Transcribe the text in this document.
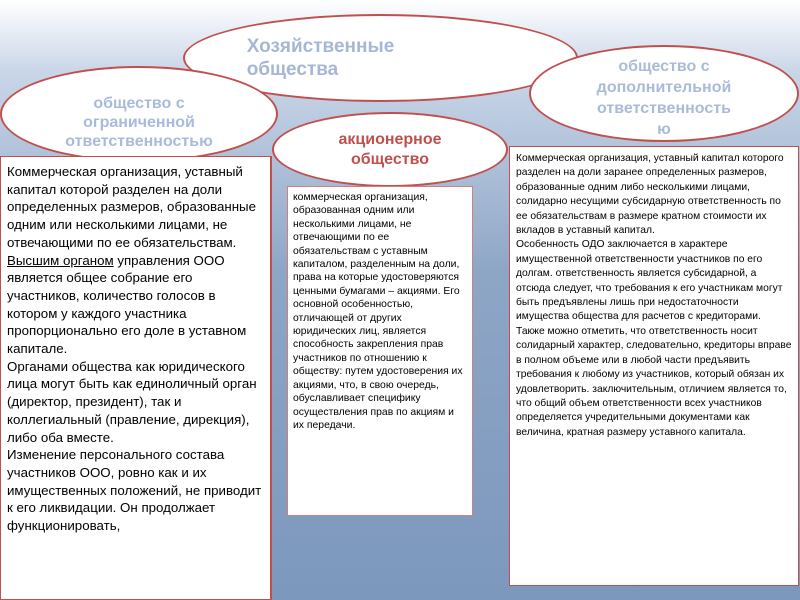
Хозяйственные
общества
общество с
ограниченной
ответственностью
общество с
дополнительной
ответственность
ю

Коммерческая организация, уставный капитал которой разделен на доли определенных размеров, образованные одним или несколькими лицами, не отвечающими по ее обязательствам.

Высшим органом управления ООО является общее собрание его участников, количество голосов в котором у каждого участника пропорционально его доле в уставном капитале.

Органами общества как юридического лица могут быть как единоличный орган (директор, президент), так и коллегиальный (правление, дирекция), либо оба вместе.

Изменение персонального состава участников ООО, ровно как и их имущественных положений, не приводит к его ликвидации. Он продолжает функционировать,

акционерное
общество

коммерческая организация, образованная одним или несколькими лицами, не отвечающими по ее обязательствам с уставным капиталом, разделенным на доли, права на которые удостоверяются ценными бумагами – акциями. Его основной особенностью, отличающей от других юридических лиц, является способность закрепления прав участников по отношению к обществу: путем удостоверения их акциями, что, в свою очередь, обуславливает специфику осуществления прав по акциям и их передачи.

Коммерческая организация, уставный капитал которого разделен на доли заранее определенных размеров, образованные одним либо несколькими лицами, солидарно несущими субсидарную ответственность по ее обязательствам в размере кратном стоимости их вкладов в уставный капитал.

Особенность ОДО заключается в характере имущественной ответственности участников по его долгам. ответственность является субсидарной, а отсюда следует, что требования к его участникам могут быть предъявлены лишь при недостаточности имущества общества для расчетов с кредиторами. Также можно отметить, что ответственность носит солидарный характер, следовательно, кредиторы вправе в полном объеме или в любой части предъявить требования к любому из участников, который обязан их удовлетворить. заключительным, отличием является то, что общий объем ответственности всех участников определяется учредительными документами как величина, кратная размеру уставного капитала.
